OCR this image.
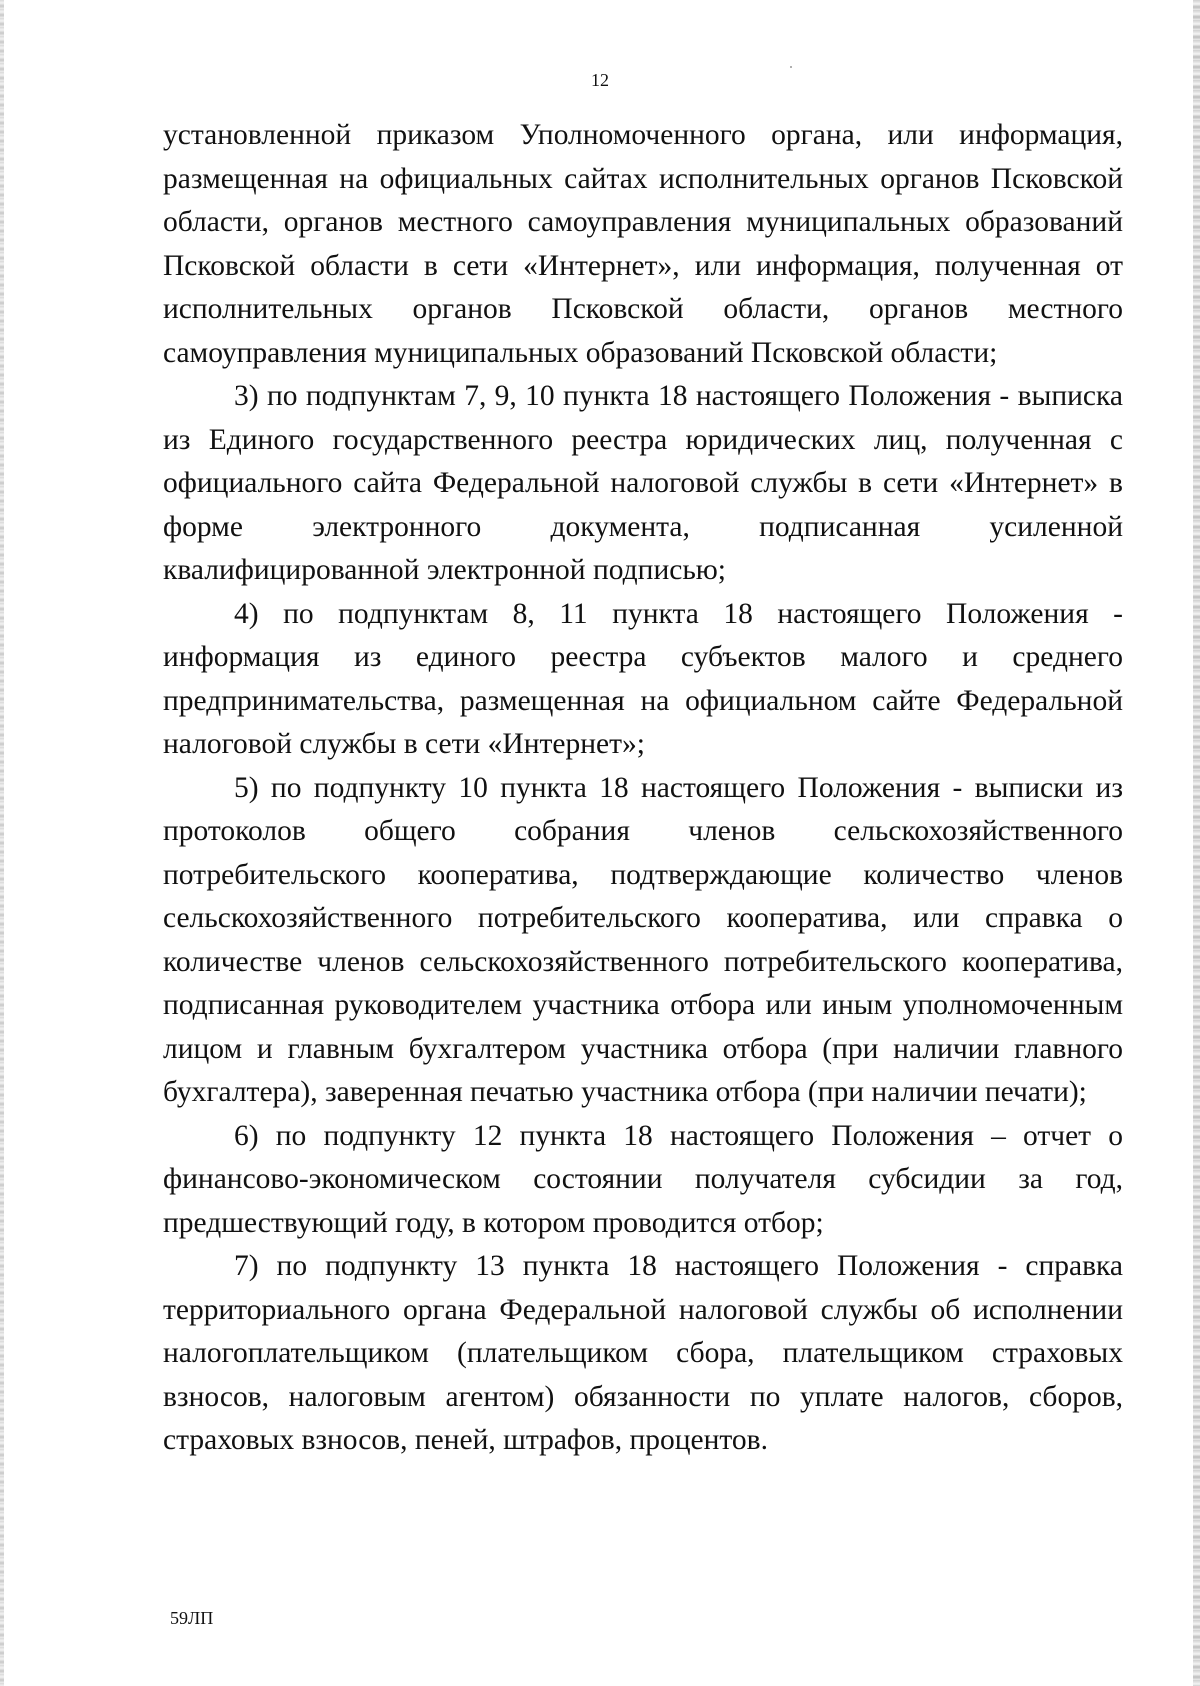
12

установленной приказом Уполномоченного органа, или информация, размещенная на официальных сайтах исполнительных органов Псковской области, органов местного самоуправления муниципальных образований Псковской области в сети «Интернет», или информация, полученная от исполнительных органов Псковской области, органов местного самоуправления муниципальных образований Псковской области;

3) по подпунктам 7, 9, 10 пункта 18 настоящего Положения - выписка из Единого государственного реестра юридических лиц, полученная с официального сайта Федеральной налоговой службы в сети «Интернет» в форме электронного документа, подписанная усиленной квалифицированной электронной подписью;

4) по подпунктам 8, 11 пункта 18 настоящего Положения - информация из единого реестра субъектов малого и среднего предпринимательства, размещенная на официальном сайте Федеральной налоговой службы в сети «Интернет»;

5) по подпункту 10 пункта 18 настоящего Положения - выписки из протоколов общего собрания членов сельскохозяйственного потребительского кооператива, подтверждающие количество членов сельскохозяйственного потребительского кооператива, или справка о количестве членов сельскохозяйственного потребительского кооператива, подписанная руководителем участника отбора или иным уполномоченным лицом и главным бухгалтером участника отбора (при наличии главного бухгалтера), заверенная печатью участника отбора (при наличии печати);

6) по подпункту 12 пункта 18 настоящего Положения – отчет о финансово-экономическом состоянии получателя субсидии за год, предшествующий году, в котором проводится отбор;

7) по подпункту 13 пункта 18 настоящего Положения - справка территориального органа Федеральной налоговой службы об исполнении налогоплательщиком (плательщиком сбора, плательщиком страховых взносов, налоговым агентом) обязанности по уплате налогов, сборов, страховых взносов, пеней, штрафов, процентов.

59ЛП
